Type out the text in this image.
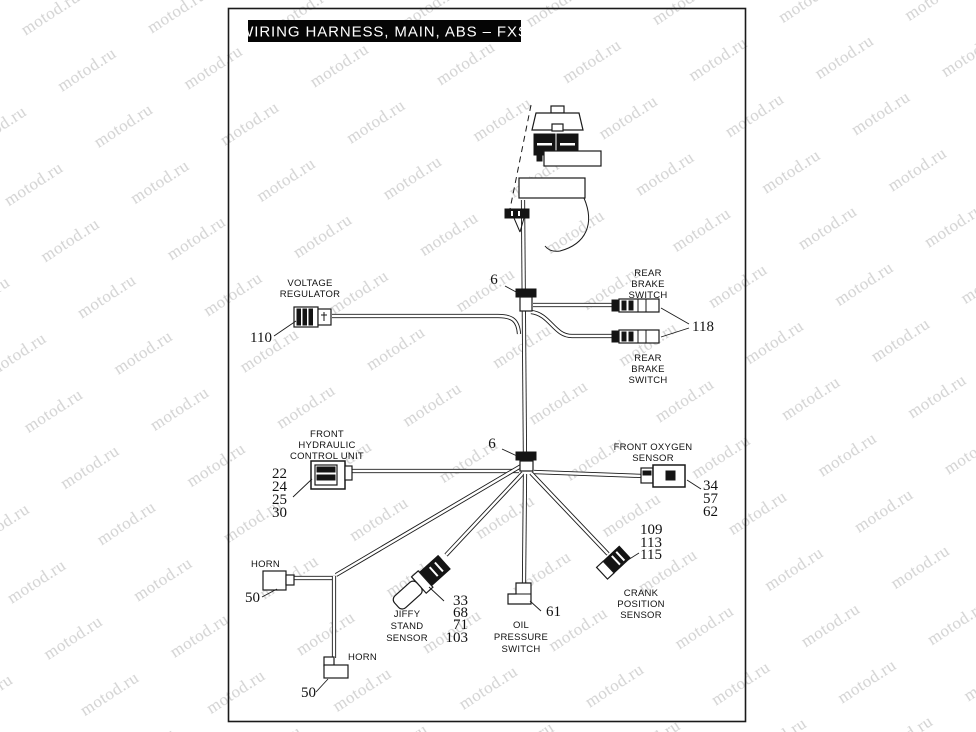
WIRING HARNESS, MAIN, ABS – FXS
6
6
VOLTAGE
REGULATOR
110
REAR
BRAKE
SWITCH
REAR
BRAKE
SWITCH
118
FRONT
HYDRAULIC
CONTROL UNIT
22
24
25
30
FRONT OXYGEN
SENSOR
34
57
62
109
113
115
CRANK
POSITION
SENSOR
33
68
71
103
JIFFY
STAND
SENSOR
61
OIL
PRESSURE
SWITCH
HORN
50
HORN
50
